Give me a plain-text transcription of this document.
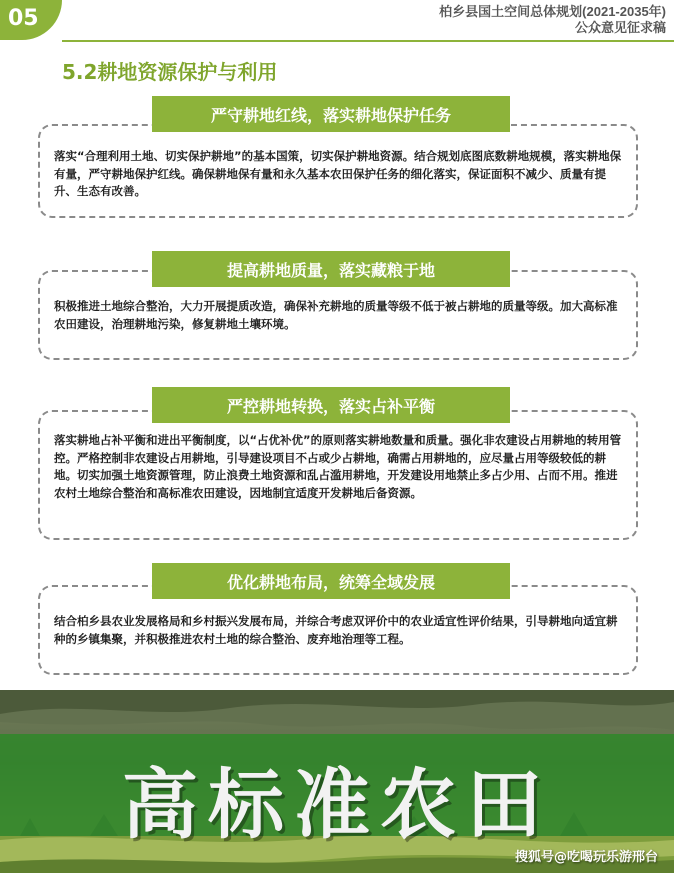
05	柏乡县国土空间总体规划(2021-2035年)
公众意见征求稿
5.2耕地资源保护与利用
落实“合理利用土地、切实保护耕地”的基本国策，切实保护耕地资源。结合规划底图底数耕地规模，落实耕地保有量，严守耕地保护红线。确保耕地保有量和永久基本农田保护任务的细化落实，保证面积不减少、质量有提升、生态有改善。
严守耕地红线，落实耕地保护任务
积极推进土地综合整治，大力开展提质改造，确保补充耕地的质量等级不低于被占耕地的质量等级。加大高标准农田建设，治理耕地污染，修复耕地土壤环境。
提高耕地质量，落实藏粮于地
落实耕地占补平衡和进出平衡制度，以“占优补优”的原则落实耕地数量和质量。强化非农建设占用耕地的转用管控。严格控制非农建设占用耕地，引导建设项目不占或少占耕地，确需占用耕地的，应尽量占用等级较低的耕地。切实加强土地资源管理，防止浪费土地资源和乱占滥用耕地，开发建设用地禁止多占少用、占而不用。推进农村土地综合整治和高标准农田建设，因地制宜适度开发耕地后备资源。
严控耕地转换，落实占补平衡
结合柏乡县农业发展格局和乡村振兴发展布局，并综合考虑双评价中的农业适宜性评价结果，引导耕地向适宜耕种的乡镇集聚，并积极推进农村土地的综合整治、废弃地治理等工程。
优化耕地布局，统筹全域发展
高标准农田
搜狐号@吃喝玩乐游邢台
